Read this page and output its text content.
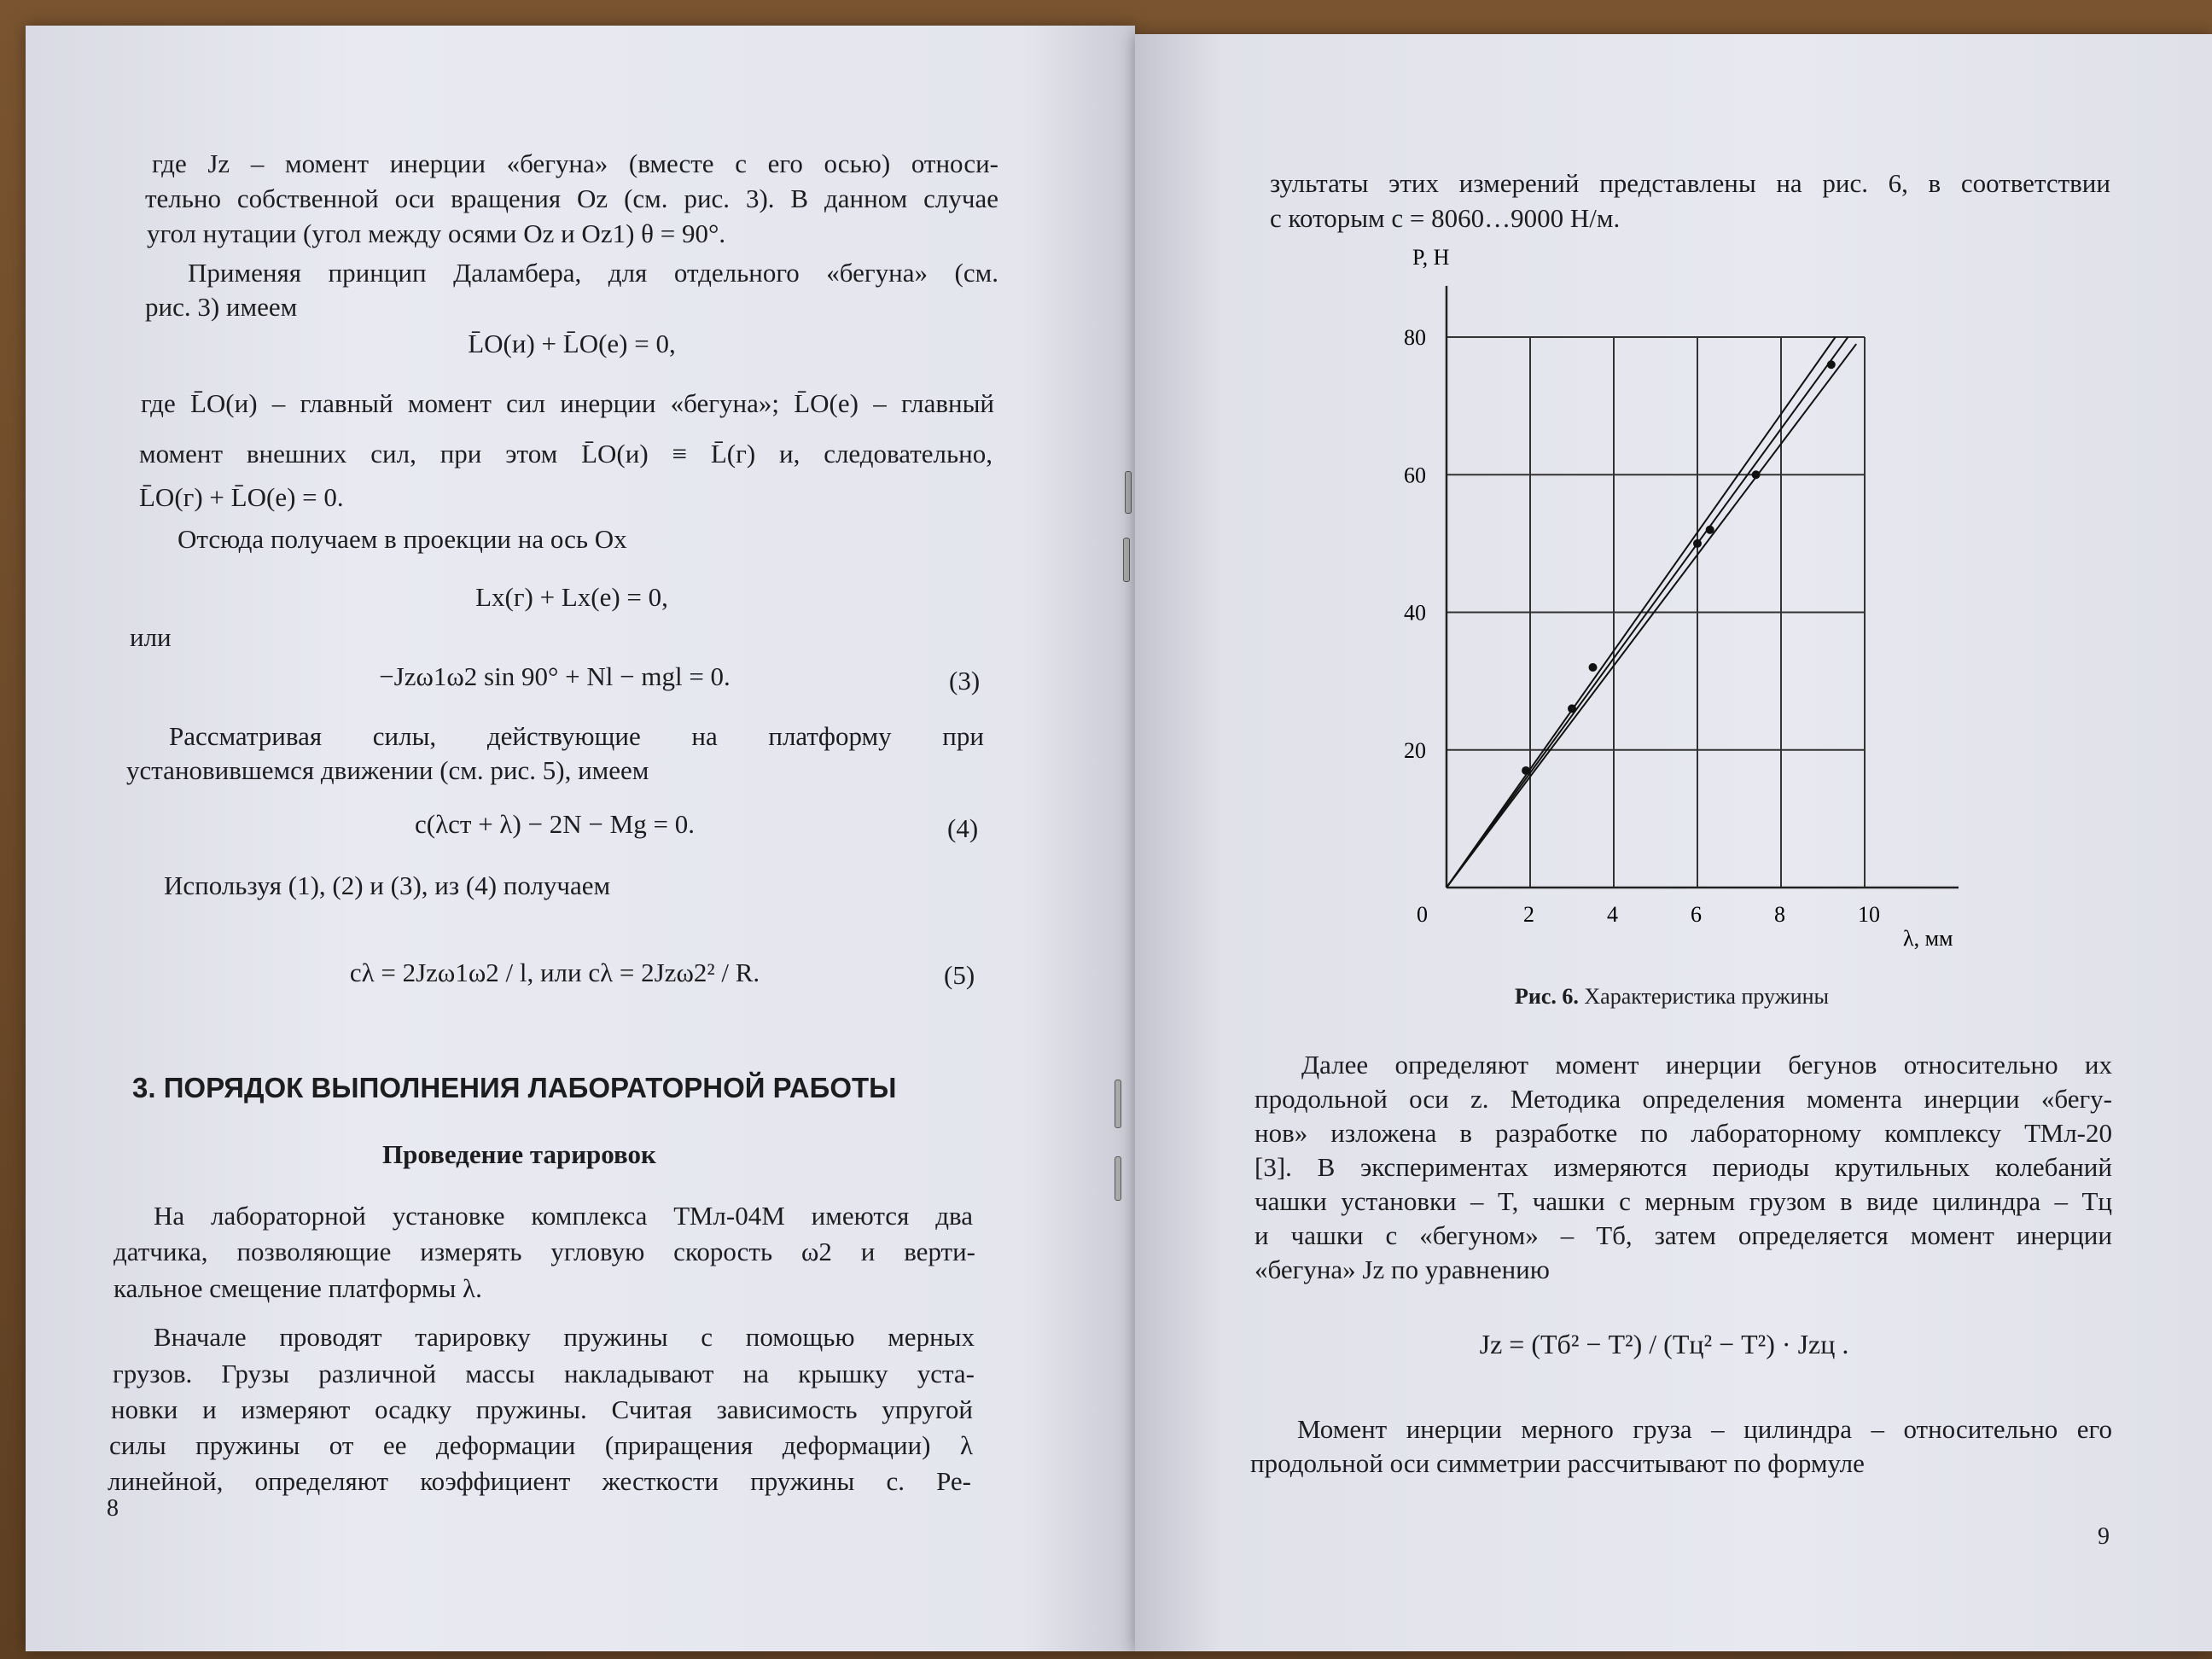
где Jz – момент инерции «бегуна» (вместе с его осью) относи-
тельно собственной оси вращения Oz (см. рис. 3). В данном случае
угол нутации (угол между осями Oz и Oz1) θ = 90°.
Применяя принцип Даламбера, для отдельного «бегуна» (см.
рис. 3) имеем
L̄O(и) + L̄O(e) = 0,
где L̄O(и) – главный момент сил инерции «бегуна»; L̄O(e) – главный
момент внешних сил, при этом L̄O(и) ≡ L̄(г) и, следовательно,
L̄O(г) + L̄O(e) = 0.
Отсюда получаем в проекции на ось Ox
Lx(г) + Lx(e) = 0,
или
−Jzω1ω2 sin 90° + Nl − mgl = 0.	(3)
Рассматривая силы, действующие на платформу при
установившемся движении (см. рис. 5), имеем
c(λст + λ) − 2N − Mg = 0.	(4)
Используя (1), (2) и (3), из (4) получаем
cλ = 2Jzω1ω2 / l, или cλ = 2Jzω2² / R.	(5)
3. ПОРЯДОК ВЫПОЛНЕНИЯ ЛАБОРАТОРНОЙ РАБОТЫ
Проведение тарировок
На лабораторной установке комплекса ТМл-04М имеются два
датчика, позволяющие измерять угловую скорость ω2 и верти-
кальное смещение платформы λ.
Вначале проводят тарировку пружины с помощью мерных
грузов. Грузы различной массы накладывают на крышку уста-
новки и измеряют осадку пружины. Считая зависимость упругой
силы пружины от ее деформации (приращения деформации) λ
линейной, определяют коэффициент жесткости пружины c. Ре-
8
зультаты этих измерений представлены на рис. 6, в соответствии
с которым c = 8060…9000 Н/м.
0	2	4	6	8	10
20
40
60
80
P, Н
λ, мм
Рис. 6. Характеристика пружины
Далее определяют момент инерции бегунов относительно их
продольной оси z. Методика определения момента инерции «бегу-
нов» изложена в разработке по лабораторному комплексу ТМл-20
[3]. В экспериментах измеряются периоды крутильных колебаний
чашки установки – T, чашки с мерным грузом в виде цилиндра – Tц
и чашки с «бегуном» – Tб, затем определяется момент инерции
«бегуна» Jz по уравнению
Jz = (Tб² − T²) / (Tц² − T²) · Jzц .
Момент инерции мерного груза – цилиндра – относительно его
продольной оси симметрии рассчитывают по формуле
9
